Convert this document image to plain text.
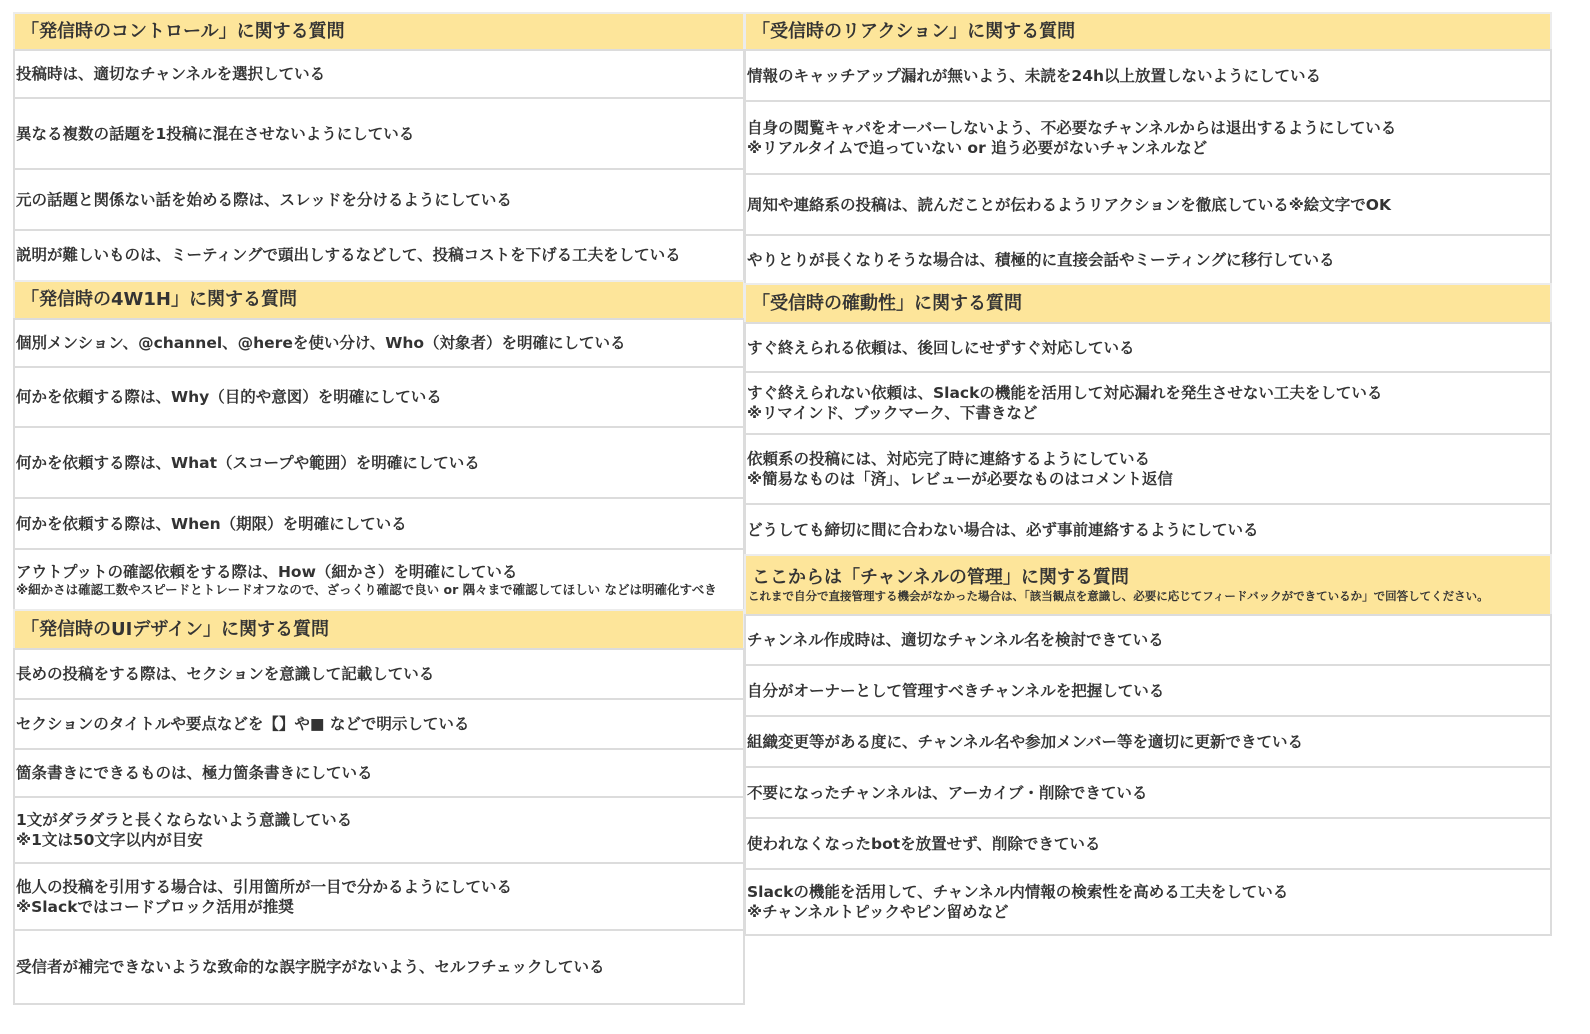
「発信時のコントロール」に関する質問
投稿時は、適切なチャンネルを選択している
異なる複数の話題を1投稿に混在させないようにしている
元の話題と関係ない話を始める際は、スレッドを分けるようにしている
説明が難しいものは、ミーティングで頭出しするなどして、投稿コストを下げる工夫をしている
「発信時の4W1H」に関する質問
個別メンション、@channel、@hereを使い分け、Who（対象者）を明確にしている
何かを依頼する際は、Why（目的や意図）を明確にしている
何かを依頼する際は、What（スコープや範囲）を明確にしている
何かを依頼する際は、When（期限）を明確にしている
アウトプットの確認依頼をする際は、How（細かさ）を明確にしている
※細かさは確認工数やスピードとトレードオフなので、ざっくり確認で良い or 隅々まで確認してほしい などは明確化すべき
「発信時のUIデザイン」に関する質問
長めの投稿をする際は、セクションを意識して記載している
セクションのタイトルや要点などを【】や■ などで明示している
箇条書きにできるものは、極力箇条書きにしている
1文がダラダラと長くならないよう意識している
※1文は50文字以内が目安
他人の投稿を引用する場合は、引用箇所が一目で分かるようにしている
※Slackではコードブロック活用が推奨
受信者が補完できないような致命的な誤字脱字がないよう、セルフチェックしている
「受信時のリアクション」に関する質問
情報のキャッチアップ漏れが無いよう、未読を24h以上放置しないようにしている
自身の閲覧キャパをオーバーしないよう、不必要なチャンネルからは退出するようにしている
※リアルタイムで追っていない or 追う必要がないチャンネルなど
周知や連絡系の投稿は、読んだことが伝わるようリアクションを徹底している※絵文字でOK
やりとりが長くなりそうな場合は、積極的に直接会話やミーティングに移行している
「受信時の確動性」に関する質問
すぐ終えられる依頼は、後回しにせずすぐ対応している
すぐ終えられない依頼は、Slackの機能を活用して対応漏れを発生させない工夫をしている
※リマインド、ブックマーク、下書きなど
依頼系の投稿には、対応完了時に連絡するようにしている
※簡易なものは「済」、レビューが必要なものはコメント返信
どうしても締切に間に合わない場合は、必ず事前連絡するようにしている
ここからは「チャンネルの管理」に関する質問
これまで自分で直接管理する機会がなかった場合は、「該当観点を意識し、必要に応じてフィードバックができているか」で回答してください。
チャンネル作成時は、適切なチャンネル名を検討できている
自分がオーナーとして管理すべきチャンネルを把握している
組織変更等がある度に、チャンネル名や参加メンバー等を適切に更新できている
不要になったチャンネルは、アーカイブ・削除できている
使われなくなったbotを放置せず、削除できている
Slackの機能を活用して、チャンネル内情報の検索性を高める工夫をしている
※チャンネルトピックやピン留めなど
